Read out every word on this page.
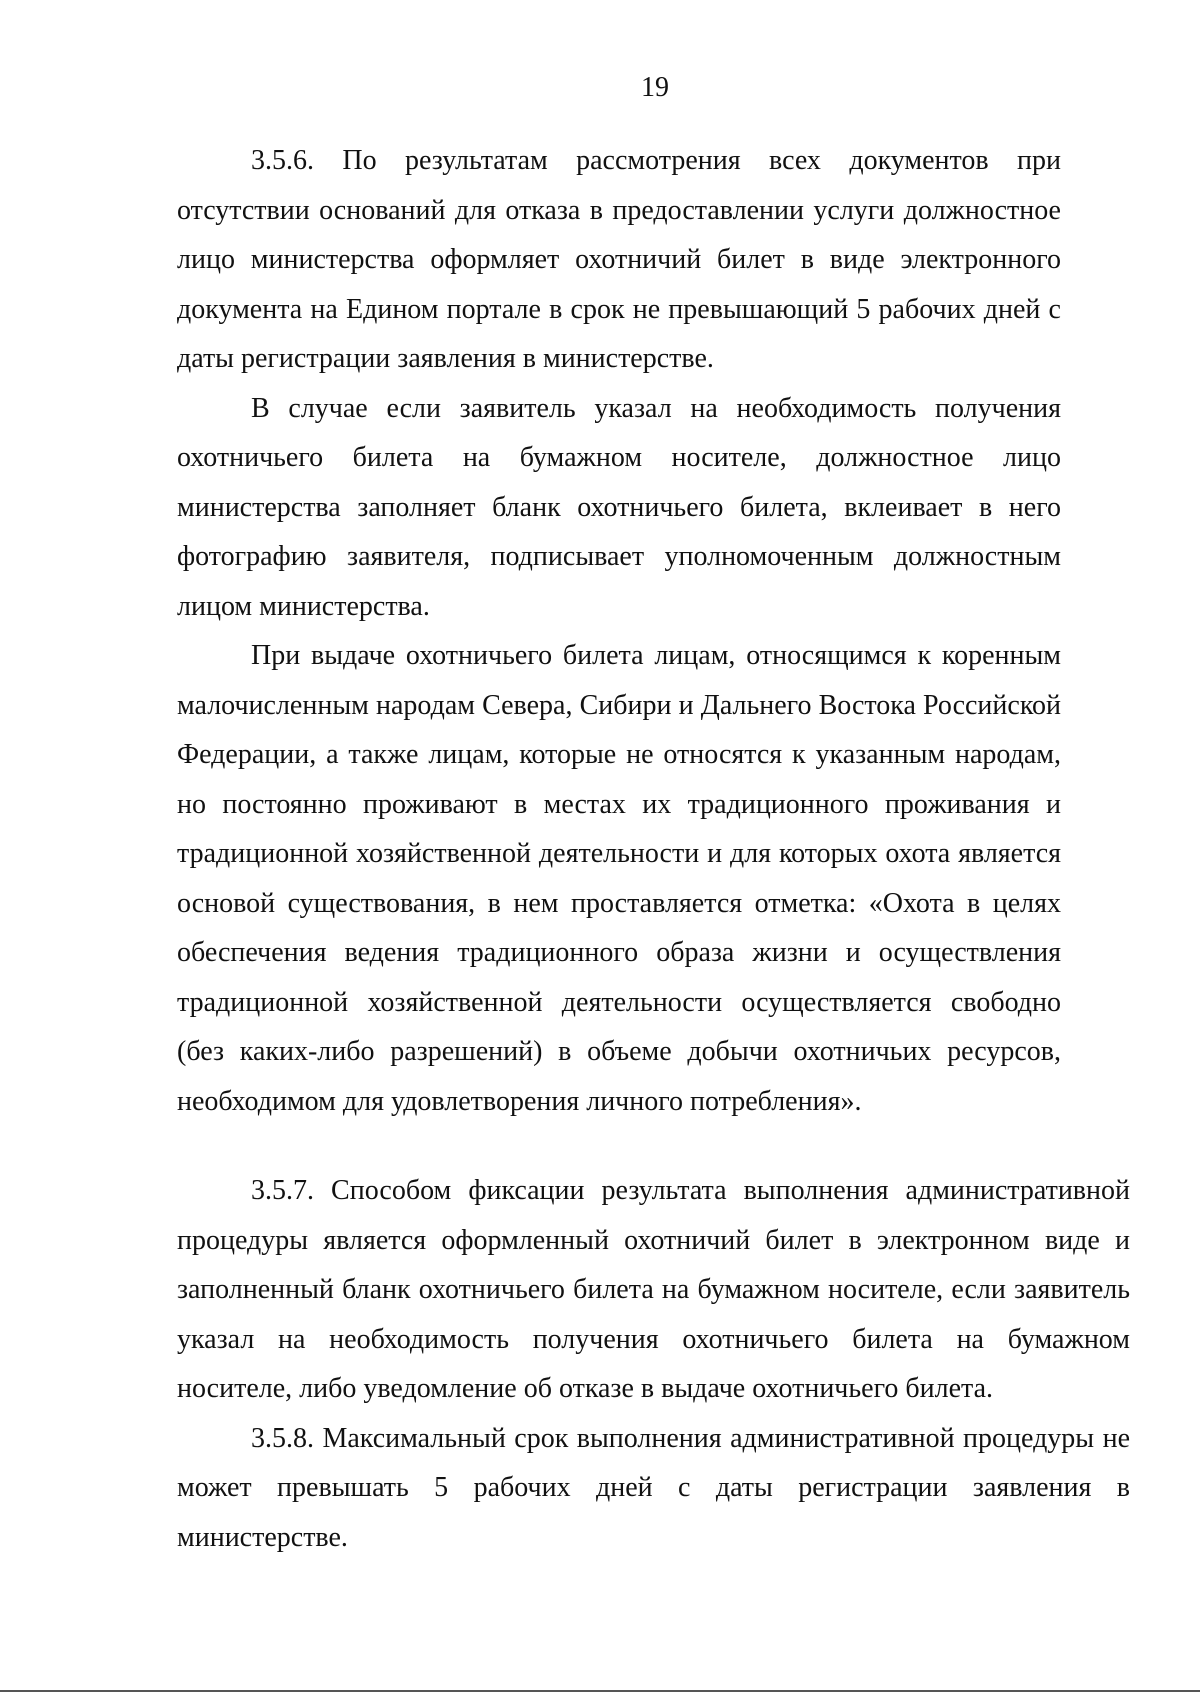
19

3.5.6. По результатам рассмотрения всех документов при отсутствии оснований для отказа в предоставлении услуги должностное лицо министерства оформляет охотничий билет в виде электронного документа на Едином портале в срок не превышающий 5 рабочих дней с даты регистрации заявления в министерстве.

В случае если заявитель указал на необходимость получения охотничьего билета на бумажном носителе, должностное лицо министерства заполняет бланк охотничьего билета, вклеивает в него фотографию заявителя, подписывает уполномоченным должностным лицом министерства.

При выдаче охотничьего билета лицам, относящимся к коренным малочисленным народам Севера, Сибири и Дальнего Востока Российской Федерации, а также лицам, которые не относятся к указанным народам, но постоянно проживают в местах их традиционного проживания и традиционной хозяйственной деятельности и для которых охота является основой существования, в нем проставляется отметка: «Охота в целях обеспечения ведения традиционного образа жизни и осуществления традиционной хозяйственной деятельности осуществляется свободно (без каких-либо разрешений) в объеме добычи охотничьих ресурсов, необходимом для удовлетворения личного потребления».

3.5.7. Способом фиксации результата выполнения административной процедуры является оформленный охотничий билет в электронном виде и заполненный бланк охотничьего билета на бумажном носителе, если заявитель указал на необходимость получения охотничьего билета на бумажном носителе, либо уведомление об отказе в выдаче охотничьего билета.

3.5.8. Максимальный срок выполнения административной процедуры не может превышать 5 рабочих дней с даты регистрации заявления в министерстве.
